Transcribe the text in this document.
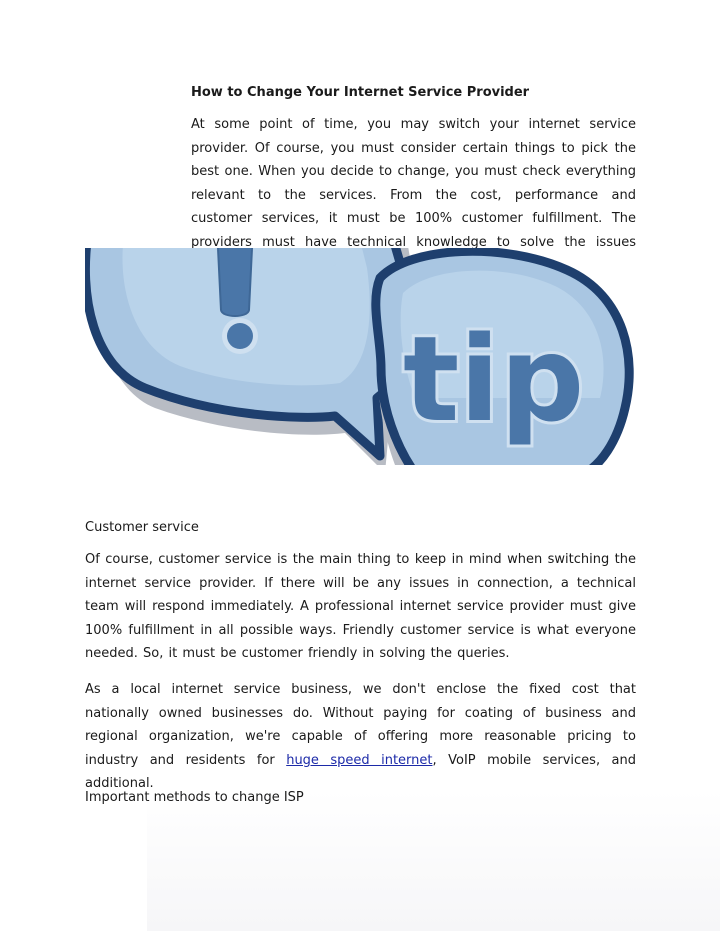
How to Change Your Internet Service Provider

At some point of time, you may switch your internet service provider. Of course, you must consider certain things to pick the best one. When you decide to change, you must check everything relevant to the services. From the cost, performance and customer services, it must be 100% customer fulfillment. The providers must have technical knowledge to solve the issues

tip
Customer service

Of course, customer service is the main thing to keep in mind when switching the internet service provider. If there will be any issues in connection, a technical team will respond immediately. A professional internet service provider must give 100% fulfillment in all possible ways. Friendly customer service is what everyone needed. So, it must be customer friendly in solving the queries.

As a local internet service business, we don't enclose the fixed cost that nationally owned businesses do. Without paying for coating of business and regional organization, we're capable of offering more reasonable pricing to industry and residents for huge speed internet, VoIP mobile services, and additional.

Important methods to change ISP
